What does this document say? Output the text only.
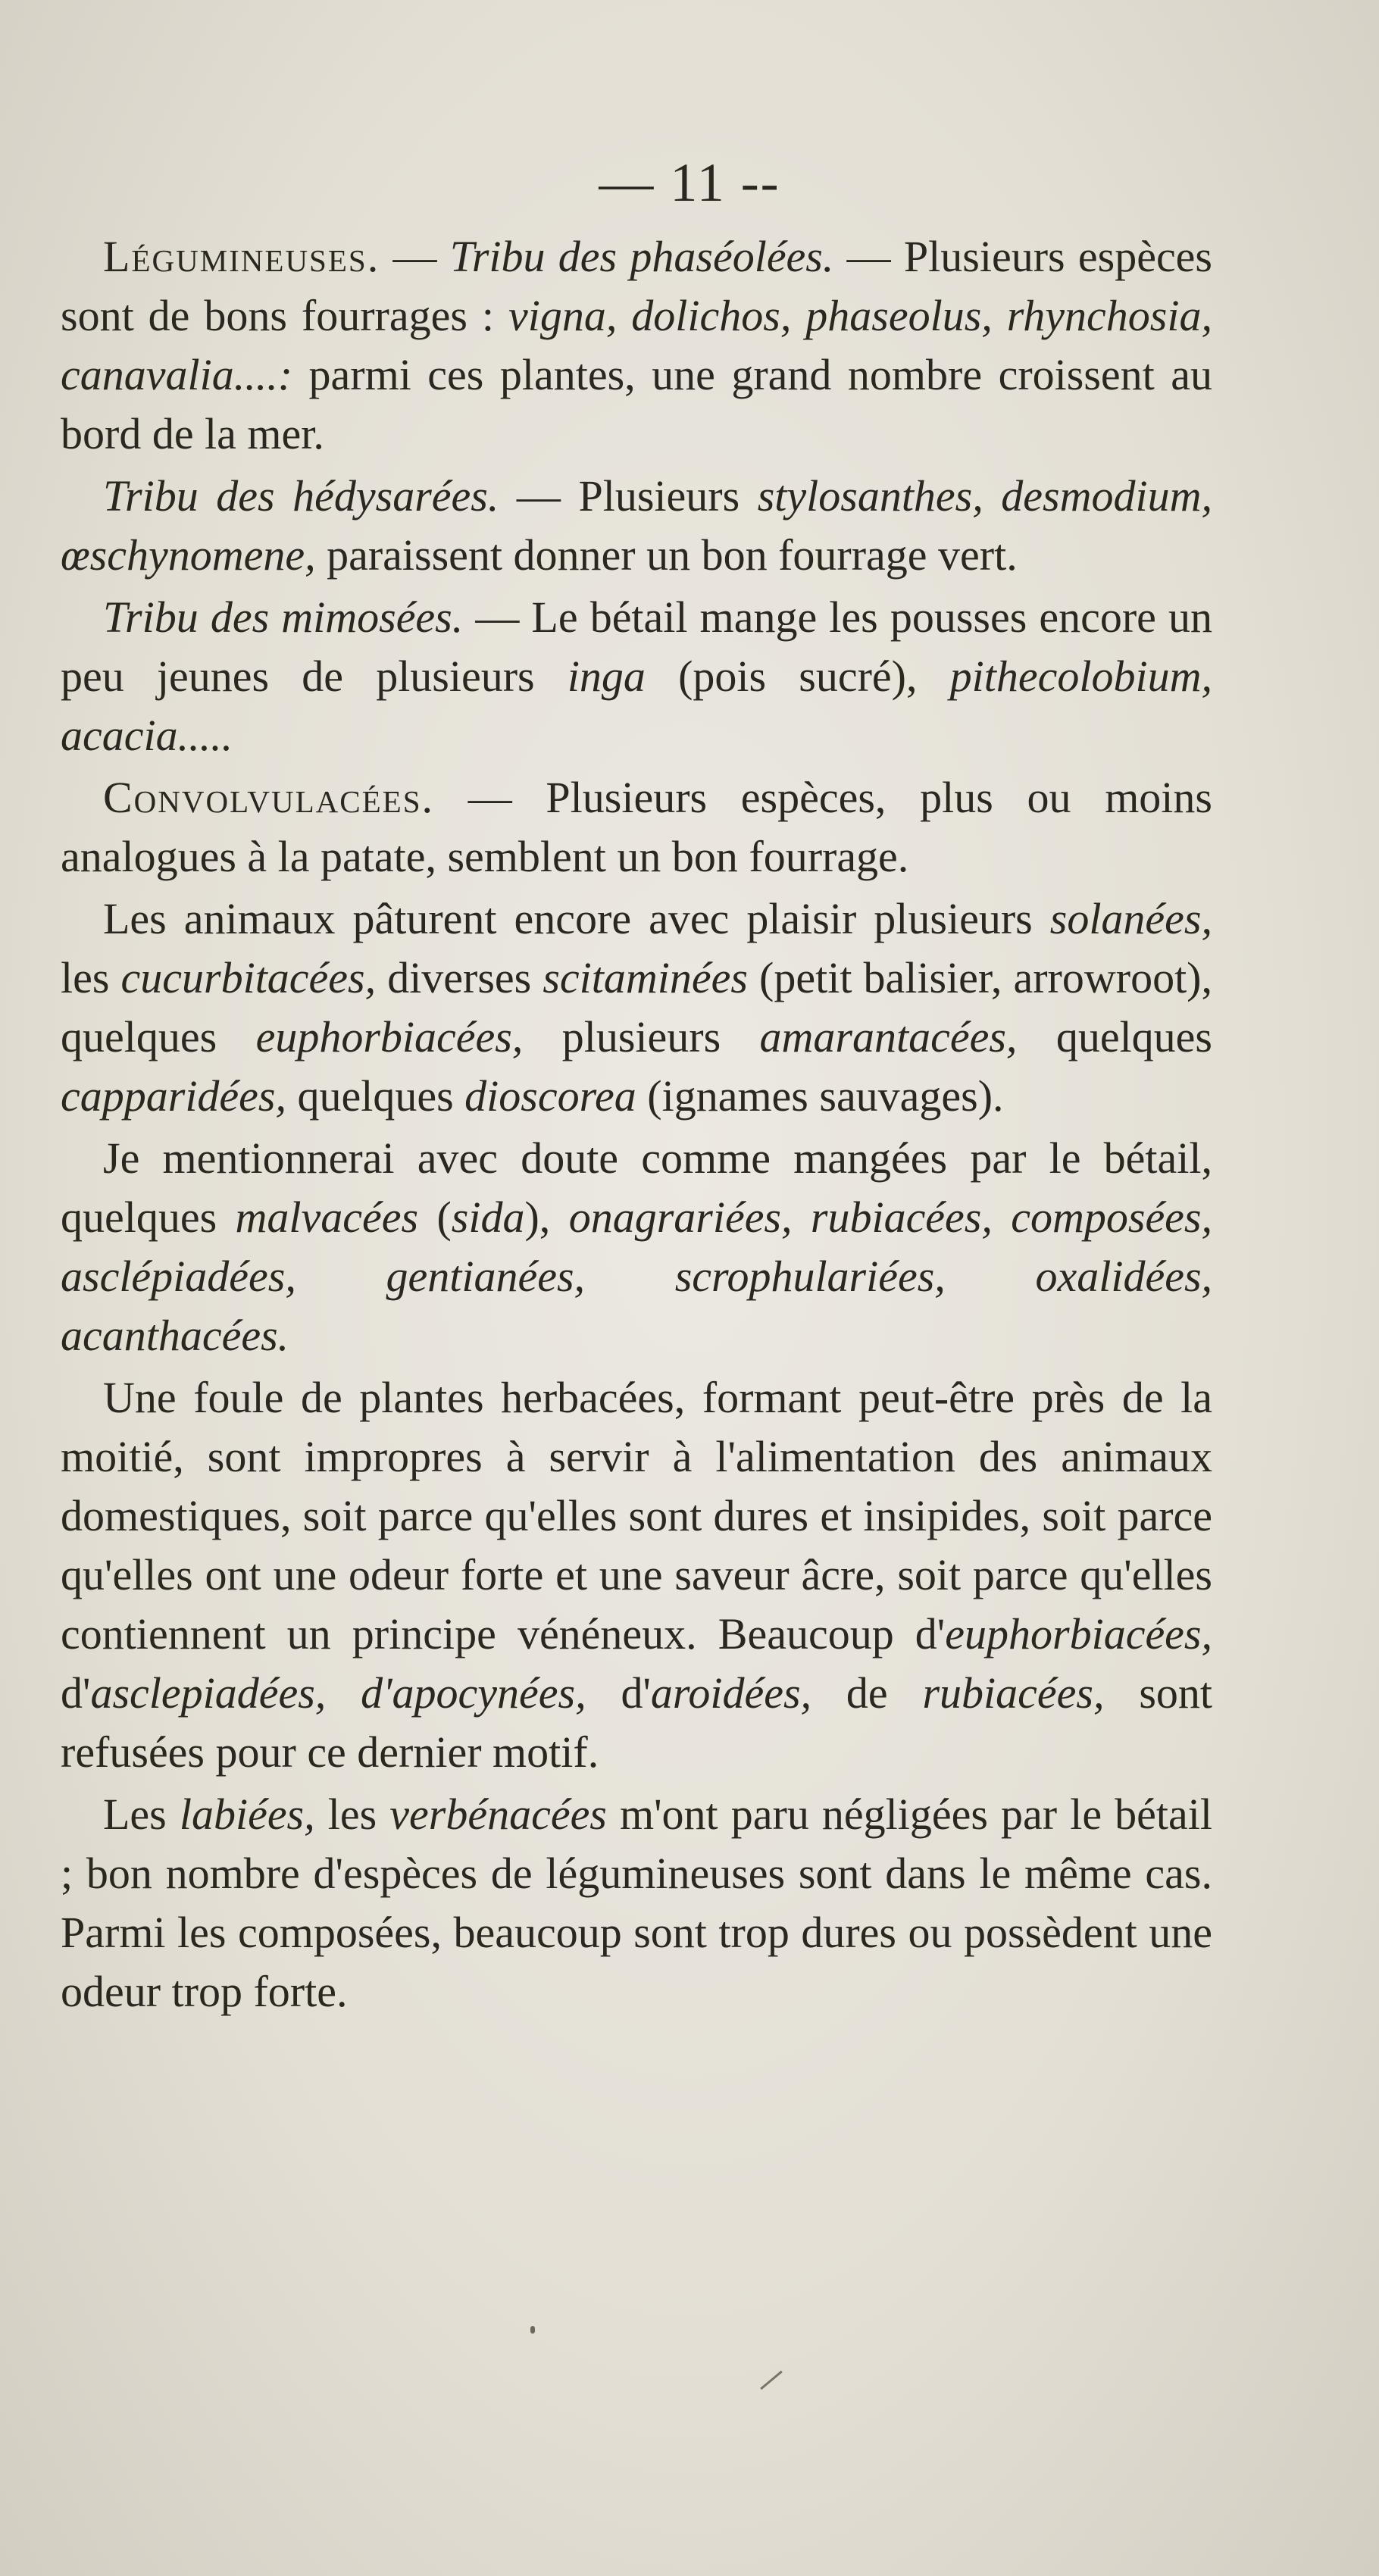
— 11 --

Légumineuses. — Tribu des phaséolées. — Plusieurs espèces sont de bons fourrages : vigna, dolichos, phaseolus, rhynchosia, canavalia....: parmi ces plantes, une grand nombre croissent au bord de la mer.

Tribu des hédysarées. — Plusieurs stylosanthes, desmodium, œschynomene, paraissent donner un bon fourrage vert.

Tribu des mimosées. — Le bétail mange les pousses encore un peu jeunes de plusieurs inga (pois sucré), pithecolobium, acacia.....

Convolvulacées. — Plusieurs espèces, plus ou moins analogues à la patate, semblent un bon fourrage.

Les animaux pâturent encore avec plaisir plusieurs solanées, les cucurbitacées, diverses scitaminées (petit balisier, arrowroot), quelques euphorbiacées, plusieurs amarantacées, quelques capparidées, quelques dioscorea (ignames sauvages).

Je mentionnerai avec doute comme mangées par le bétail, quelques malvacées (sida), onagrariées, rubiacées, composées, asclépiadées, gentianées, scrophulariées, oxalidées, acanthacées.

Une foule de plantes herbacées, formant peut-être près de la moitié, sont impropres à servir à l'alimentation des animaux domestiques, soit parce qu'elles sont dures et insipides, soit parce qu'elles ont une odeur forte et une saveur âcre, soit parce qu'elles contiennent un principe vénéneux. Beaucoup d'euphorbiacées, d'asclepiadées, d'apocynées, d'aroidées, de rubiacées, sont refusées pour ce dernier motif.

Les labiées, les verbénacées m'ont paru négligées par le bétail ; bon nombre d'espèces de légumineuses sont dans le même cas. Parmi les composées, beaucoup sont trop dures ou possèdent une odeur trop forte.
